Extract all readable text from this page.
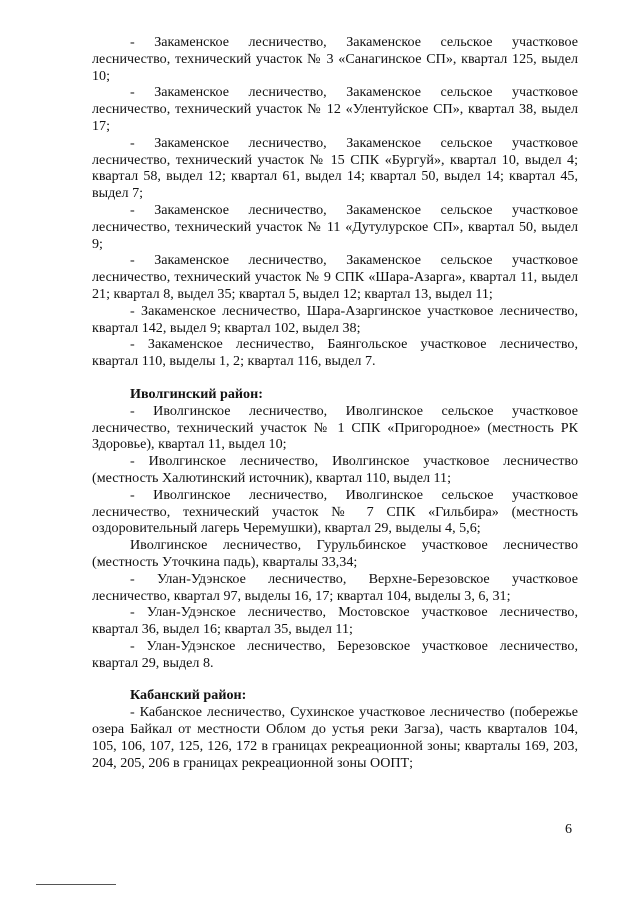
- Закаменское лесничество, Закаменское сельское участковое лесничество, технический участок № 3 «Санагинское СП», квартал 125, выдел 10;

- Закаменское лесничество, Закаменское сельское участковое лесничество, технический участок № 12 «Улентуйское СП», квартал 38, выдел 17;

- Закаменское лесничество, Закаменское сельское участковое лесничество, технический участок № 15 СПК «Бургуй», квартал 10, выдел 4; квартал 58, выдел 12; квартал 61, выдел 14; квартал 50, выдел 14; квартал 45, выдел 7;

- Закаменское лесничество, Закаменское сельское участковое лесничество, технический участок № 11 «Дутулурское СП», квартал 50, выдел 9;

- Закаменское лесничество, Закаменское сельское участковое лесничество, технический участок № 9 СПК «Шара-Азарга», квартал 11, выдел 21; квартал 8, выдел 35; квартал 5, выдел 12; квартал 13, выдел 11;

- Закаменское лесничество, Шара-Азаргинское участковое лесничество, квартал 142, выдел 9; квартал 102, выдел 38;

- Закаменское лесничество, Баянгольское участковое лесничество, квартал 110, выделы 1, 2; квартал 116, выдел 7.

Иволгинский район:

- Иволгинское лесничество, Иволгинское сельское участковое лесничество, технический участок № 1 СПК «Пригородное» (местность РК Здоровье), квартал 11, выдел 10;

- Иволгинское лесничество, Иволгинское участковое лесничество (местность Халютинский источник), квартал 110, выдел 11;

- Иволгинское лесничество, Иволгинское сельское участковое лесничество, технический участок № 7 СПК «Гильбира» (местность оздоровительный лагерь Черемушки), квартал 29, выделы 4, 5,6;

Иволгинское лесничество, Гурульбинское участковое лесничество (местность Уточкина падь), кварталы 33,34;

- Улан-Удэнское лесничество, Верхне-Березовское участковое лесничество, квартал 97, выделы 16, 17; квартал 104, выделы 3, 6, 31;

- Улан-Удэнское лесничество, Мостовское участковое лесничество, квартал 36, выдел 16; квартал 35, выдел 11;

- Улан-Удэнское лесничество, Березовское участковое лесничество, квартал 29, выдел 8.

Кабанский район:

- Кабанское лесничество, Сухинское участковое лесничество (побережье озера Байкал от местности Облом до устья реки Загза), часть кварталов 104, 105, 106, 107, 125, 126, 172 в границах рекреационной зоны; кварталы 169, 203, 204, 205, 206 в границах рекреационной зоны ООПТ;

6
